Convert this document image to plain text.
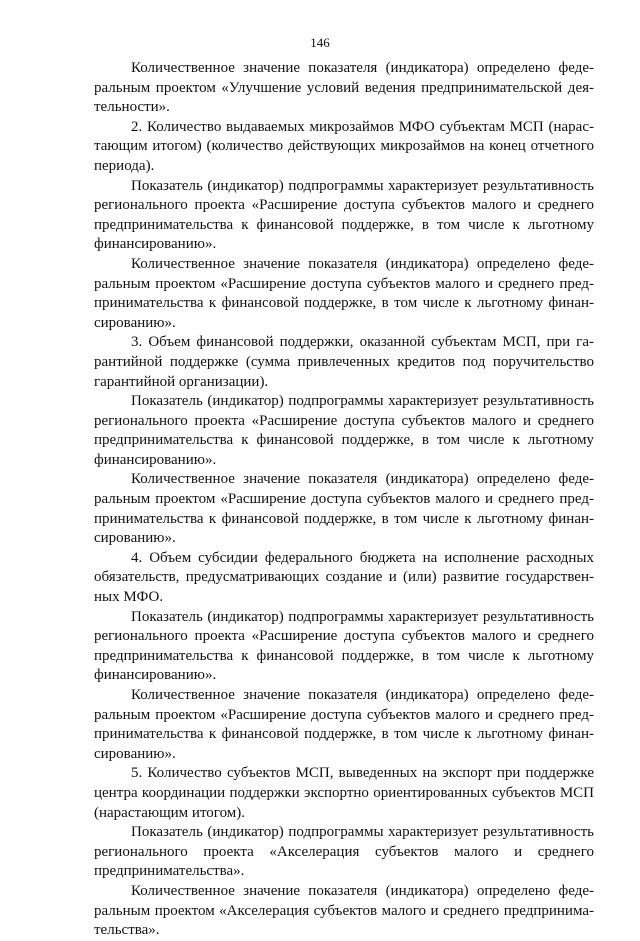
146

Количественное значение показателя (индикатора) определено федеральным проектом «Улучшение условий ведения предпринимательской деятельности».

2. Количество выдаваемых микрозаймов МФО субъектам МСП (нарастающим итогом) (количество действующих микрозаймов на конец отчетного периода).

Показатель (индикатор) подпрограммы характеризует результативность регионального проекта «Расширение доступа субъектов малого и среднего предпринимательства к финансовой поддержке, в том числе к льготному финансированию».

Количественное значение показателя (индикатора) определено федеральным проектом «Расширение доступа субъектов малого и среднего предпринимательства к финансовой поддержке, в том числе к льготному финансированию».

3. Объем финансовой поддержки, оказанной субъектам МСП, при гарантийной поддержке (сумма привлеченных кредитов под поручительство гарантийной организации).

Показатель (индикатор) подпрограммы характеризует результативность регионального проекта «Расширение доступа субъектов малого и среднего предпринимательства к финансовой поддержке, в том числе к льготному финансированию».

Количественное значение показателя (индикатора) определено федеральным проектом «Расширение доступа субъектов малого и среднего предпринимательства к финансовой поддержке, в том числе к льготному финансированию».

4. Объем субсидии федерального бюджета на исполнение расходных обязательств, предусматривающих создание и (или) развитие государственных МФО.

Показатель (индикатор) подпрограммы характеризует результативность регионального проекта «Расширение доступа субъектов малого и среднего предпринимательства к финансовой поддержке, в том числе к льготному финансированию».

Количественное значение показателя (индикатора) определено федеральным проектом «Расширение доступа субъектов малого и среднего предпринимательства к финансовой поддержке, в том числе к льготному финансированию».

5. Количество субъектов МСП, выведенных на экспорт при поддержке центра координации поддержки экспортно ориентированных субъектов МСП (нарастающим итогом).

Показатель (индикатор) подпрограммы характеризует результативность регионального проекта «Акселерация субъектов малого и среднего предпринимательства».

Количественное значение показателя (индикатора) определено федеральным проектом «Акселерация субъектов малого и среднего предпринимательства».
